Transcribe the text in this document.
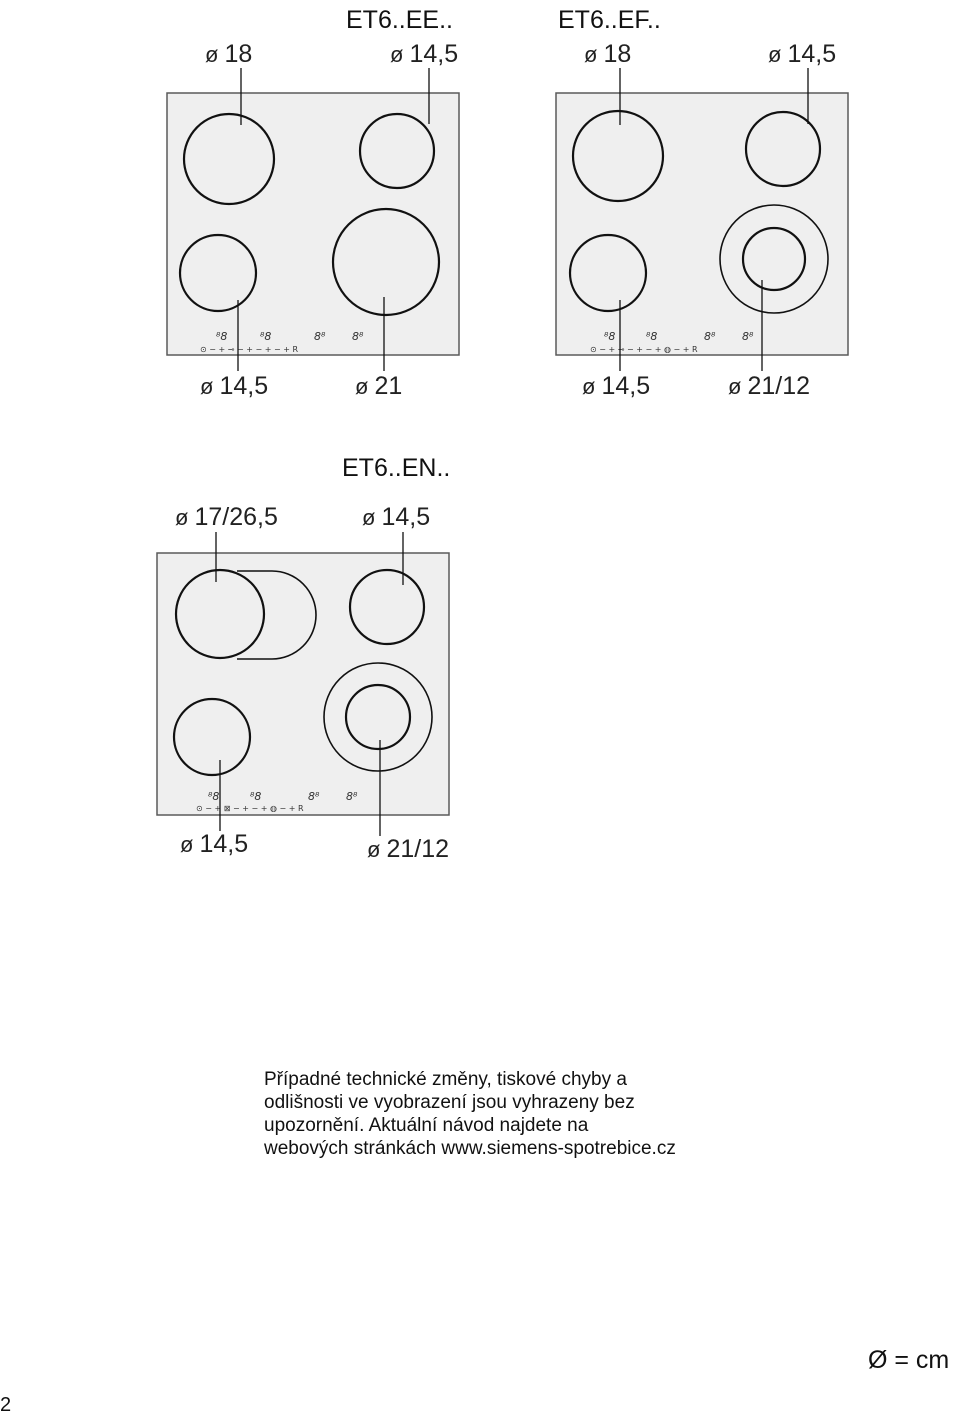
ET6..EE..	ET6..EF..
ET6..EN..
ø 18	ø 14,5
ø 14,5	ø 21
ø 18	ø 14,5
ø 14,5	ø 21/12
ø 17/26,5	ø 14,5
ø 14,5	ø 21/12
⁸8	⁸8	8⁸ 8⁸
⊙ − + ⊸ − + − + − + R
⁸8	⁸8	8⁸ 8⁸
⊙ − + ⊸ − + − + ◍ − + R
⁸8	⁸8	8⁸ 8⁸
⊙ − + ⊠ − + − + ◍ − + R
Případné technické změny, tiskové chyby a
odlišnosti ve vyobrazení jsou vyhrazeny bez
upozornění. Aktuální návod najdete na
webových stránkách www.siemens-spotrebice.cz
Ø = cm
2
